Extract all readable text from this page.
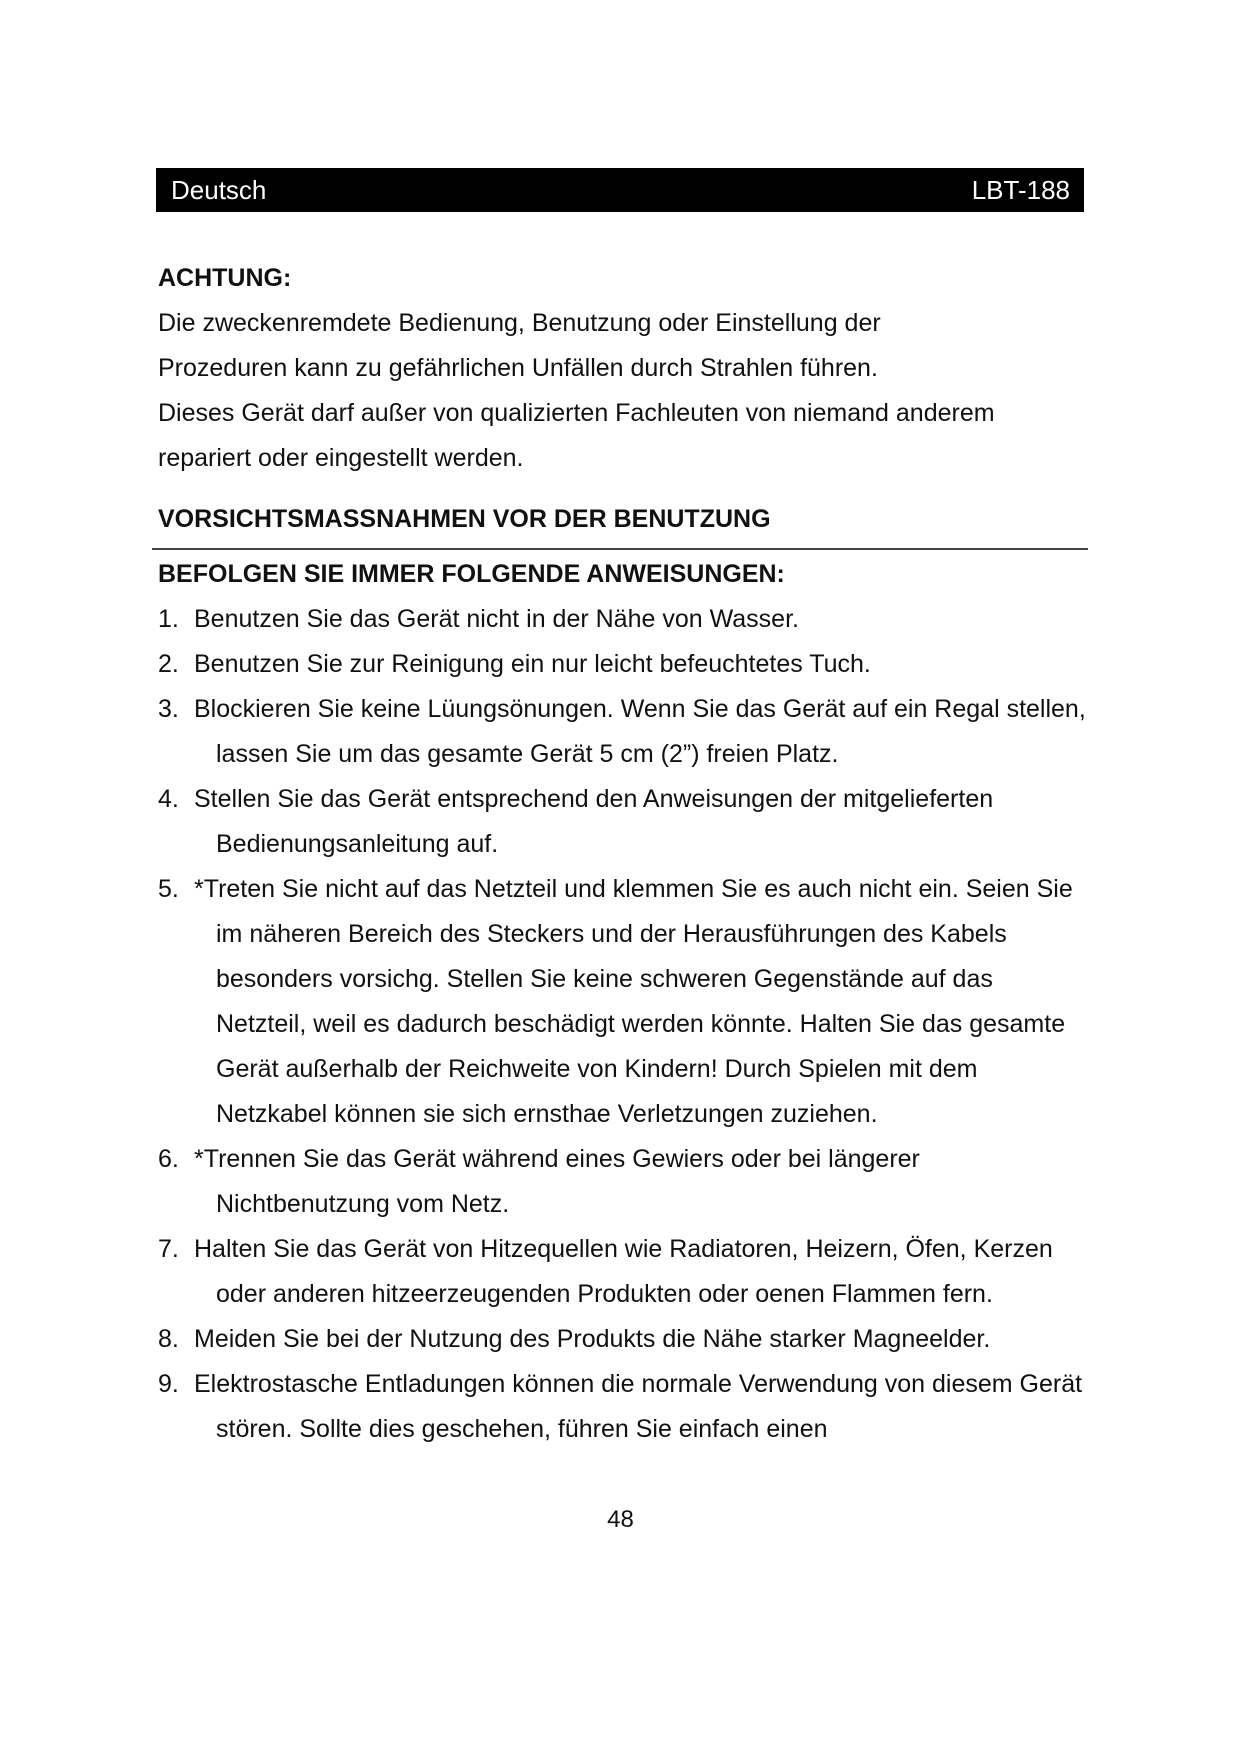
Deutsch	LBT-188

ACHTUNG:

Die zweckenremdete Bedienung, Benutzung oder Einstellung der
Prozeduren kann zu gefährlichen Unfällen durch Strahlen führen.
Dieses Gerät darf außer von qualizierten Fachleuten von niemand anderem
repariert oder eingestellt werden.
VORSICHTSMASSNAHMEN VOR DER BENUTZUNG
BEFOLGEN SIE IMMER FOLGENDE ANWEISUNGEN:
1. Benutzen Sie das Gerät nicht in der Nähe von Wasser.
2. Benutzen Sie zur Reinigung ein nur leicht befeuchtetes Tuch.
3. Blockieren Sie keine Lüungsönungen. Wenn Sie das Gerät auf ein Regal stellen, lassen Sie um das gesamte Gerät 5 cm (2”) freien Platz.
4. Stellen Sie das Gerät entsprechend den Anweisungen der mitgelieferten Bedienungsanleitung auf.
5. *Treten Sie nicht auf das Netzteil und klemmen Sie es auch nicht ein. Seien Sie im näheren Bereich des Steckers und der Herausführungen des Kabels besonders vorsichg. Stellen Sie keine schweren Gegenstände auf das Netzteil, weil es dadurch beschädigt werden könnte. Halten Sie das gesamte Gerät außerhalb der Reichweite von Kindern! Durch Spielen mit dem Netzkabel können sie sich ernsthae Verletzungen zuziehen.
6. *Trennen Sie das Gerät während eines Gewiers oder bei längerer Nichtbenutzung vom Netz.
7. Halten Sie das Gerät von Hitzequellen wie Radiatoren, Heizern, Öfen, Kerzen oder anderen hitzeerzeugenden Produkten oder oenen Flammen fern.
8. Meiden Sie bei der Nutzung des Produkts die Nähe starker Magneelder.
9. Elektrostasche Entladungen können die normale Verwendung von diesem Gerät stören. Sollte dies geschehen, führen Sie einfach einen
48
